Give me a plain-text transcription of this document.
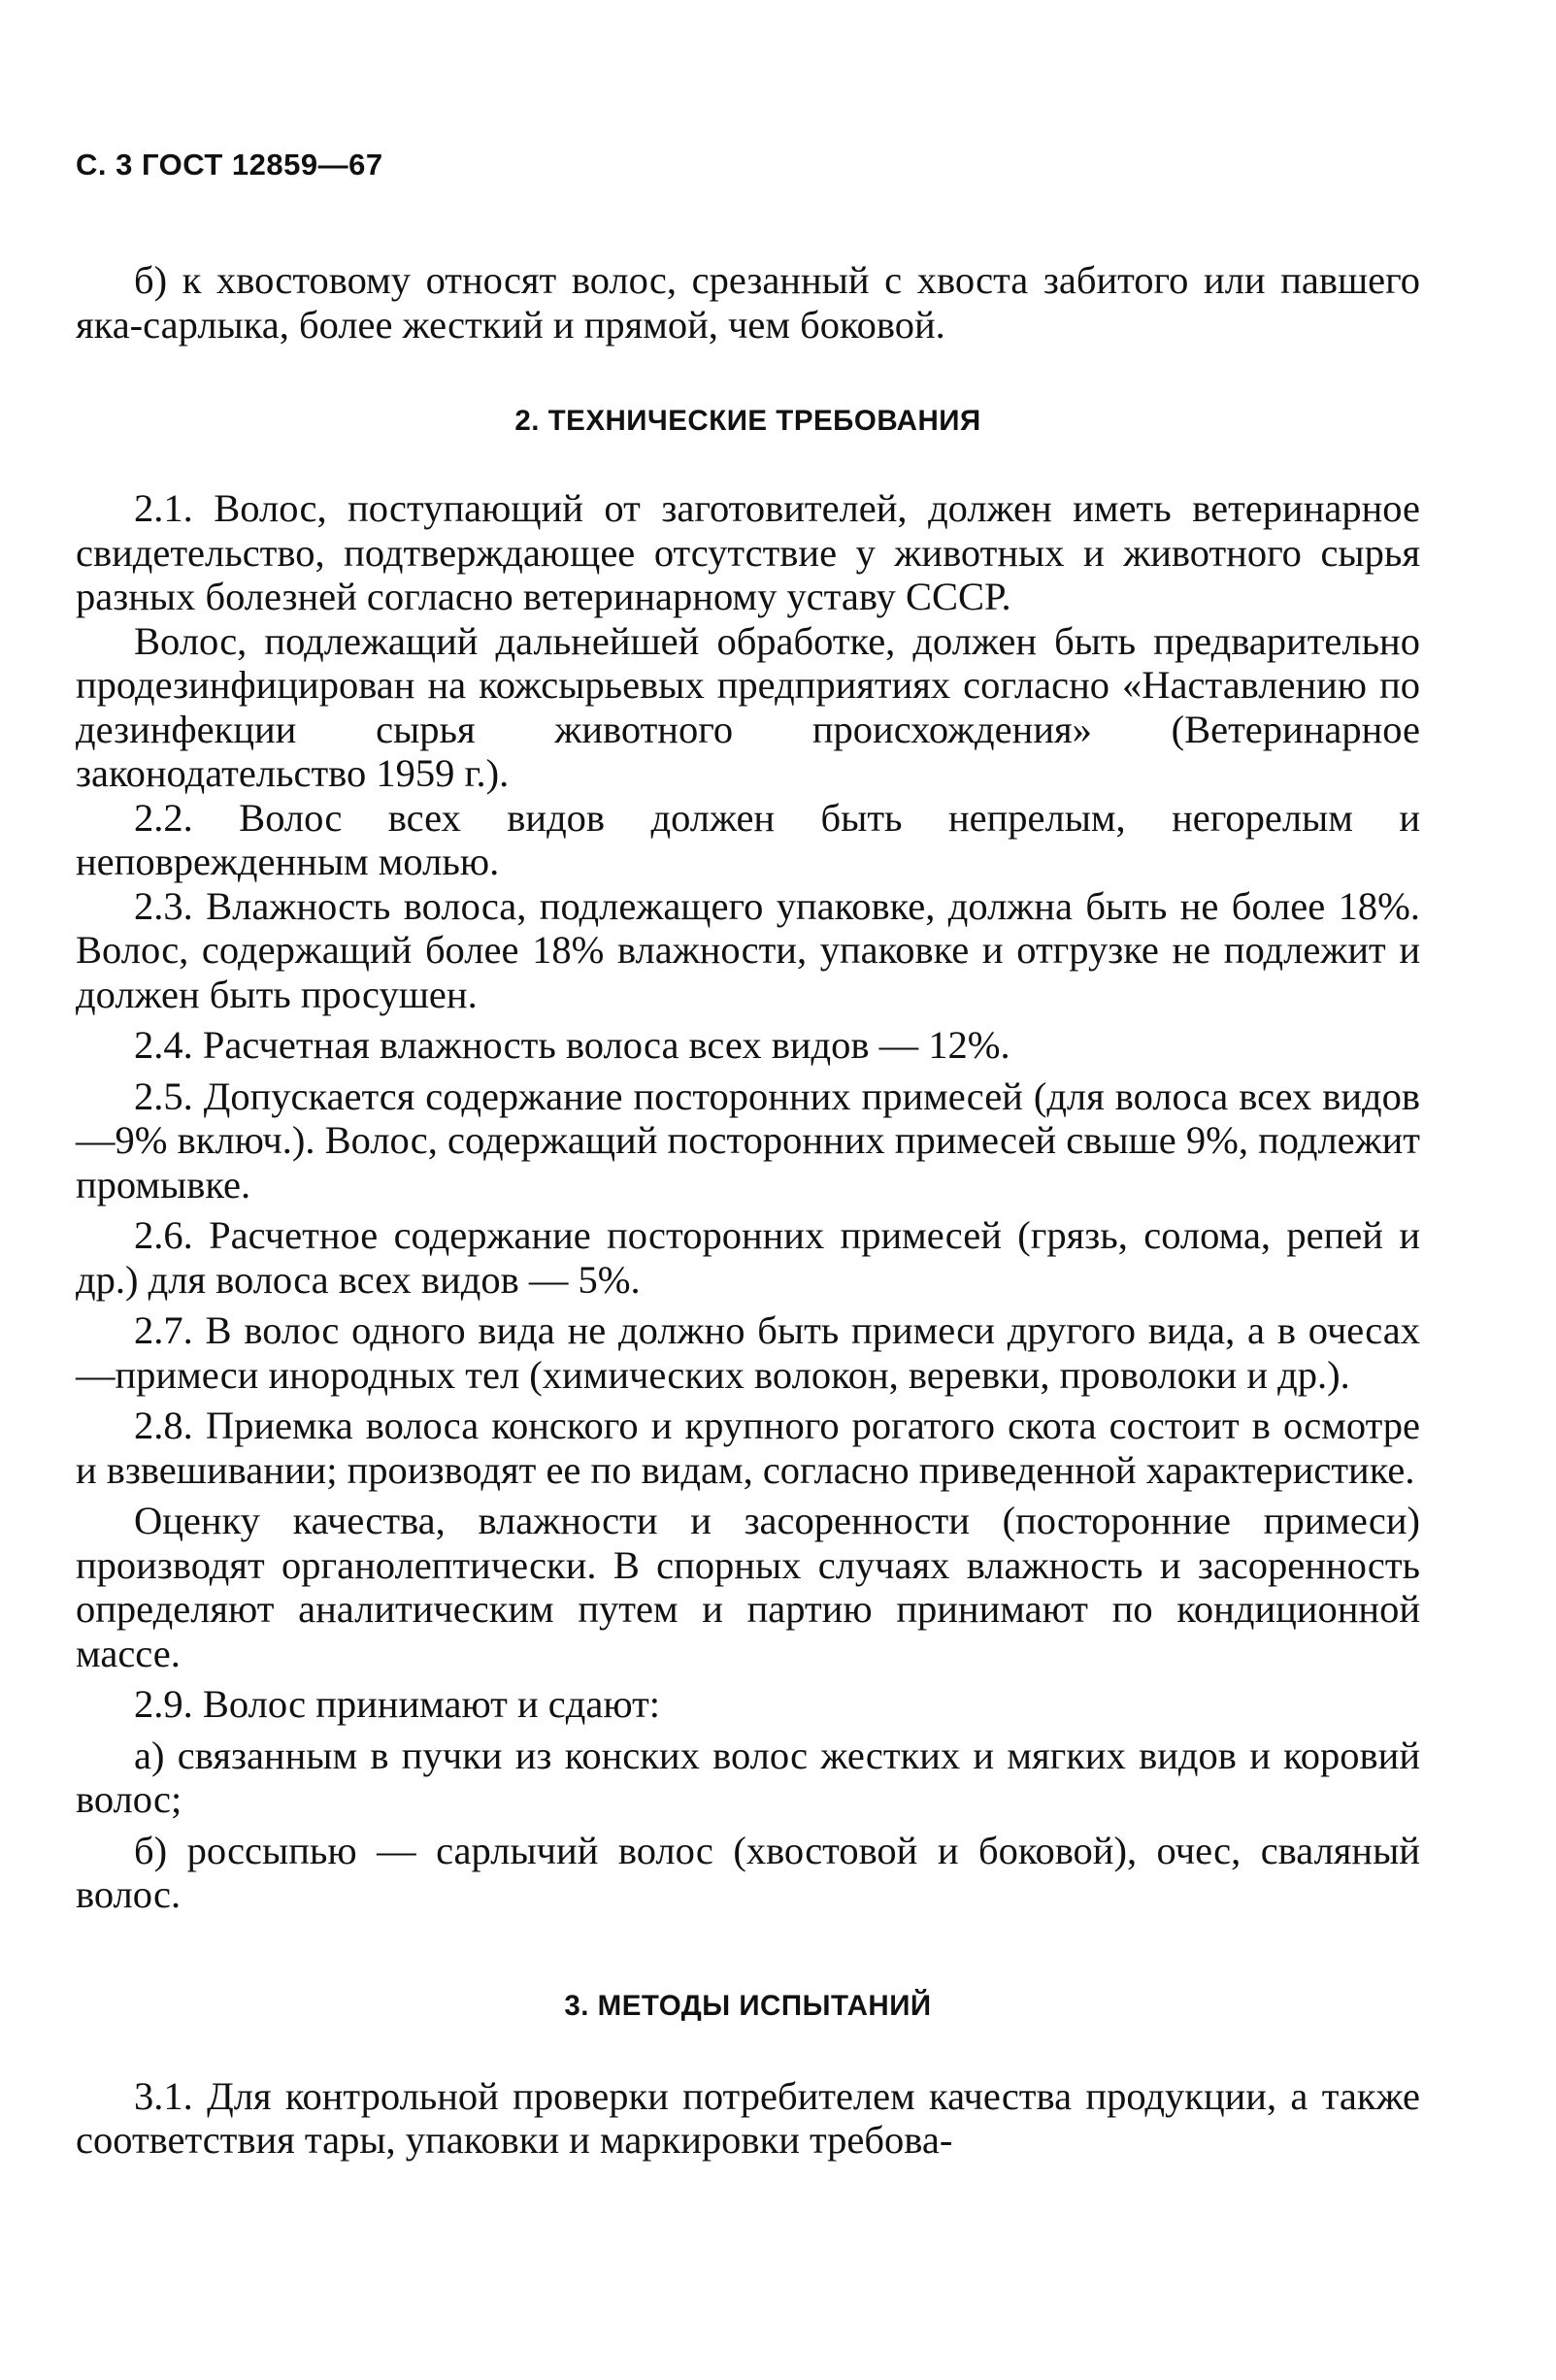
С. 3 ГОСТ 12859—67

б) к хвостовому относят волос, срезанный с хвоста забитого или павшего яка-сарлыка, более жесткий и прямой, чем боковой.

2. ТЕХНИЧЕСКИЕ ТРЕБОВАНИЯ

2.1. Волос, поступающий от заготовителей, должен иметь ветеринарное свидетельство, подтверждающее отсутствие у животных и животного сырья разных болезней согласно ветеринарному уставу СССР.

Волос, подлежащий дальнейшей обработке, должен быть предварительно продезинфицирован на кожсырьевых предприятиях согласно «Наставлению по дезинфекции сырья животного происхождения» (Ветеринарное законодательство 1959 г.).

2.2. Волос всех видов должен быть непрелым, негорелым и неповрежденным молью.

2.3. Влажность волоса, подлежащего упаковке, должна быть не более 18%. Волос, содержащий более 18% влажности, упаковке и отгрузке не подлежит и должен быть просушен.

2.4. Расчетная влажность волоса всех видов — 12%.

2.5. Допускается содержание посторонних примесей (для волоса всех видов—9% включ.). Волос, содержащий посторонних примесей свыше 9%, подлежит промывке.

2.6. Расчетное содержание посторонних примесей (грязь, солома, репей и др.) для волоса всех видов — 5%.

2.7. В волос одного вида не должно быть примеси другого вида, а в очесах—примеси инородных тел (химических волокон, веревки, проволоки и др.).

2.8. Приемка волоса конского и крупного рогатого скота состоит в осмотре и взвешивании; производят ее по видам, согласно приведенной характеристике.

Оценку качества, влажности и засоренности (посторонние примеси) производят органолептически. В спорных случаях влажность и засоренность определяют аналитическим путем и партию принимают по кондиционной массе.

2.9. Волос принимают и сдают:

а) связанным в пучки из конских волос жестких и мягких видов и коровий волос;

б) россыпью — сарлычий волос (хвостовой и боковой), очес, сваляный волос.

3. МЕТОДЫ ИСПЫТАНИЙ

3.1. Для контрольной проверки потребителем качества продукции, а также соответствия тары, упаковки и маркировки требова-
